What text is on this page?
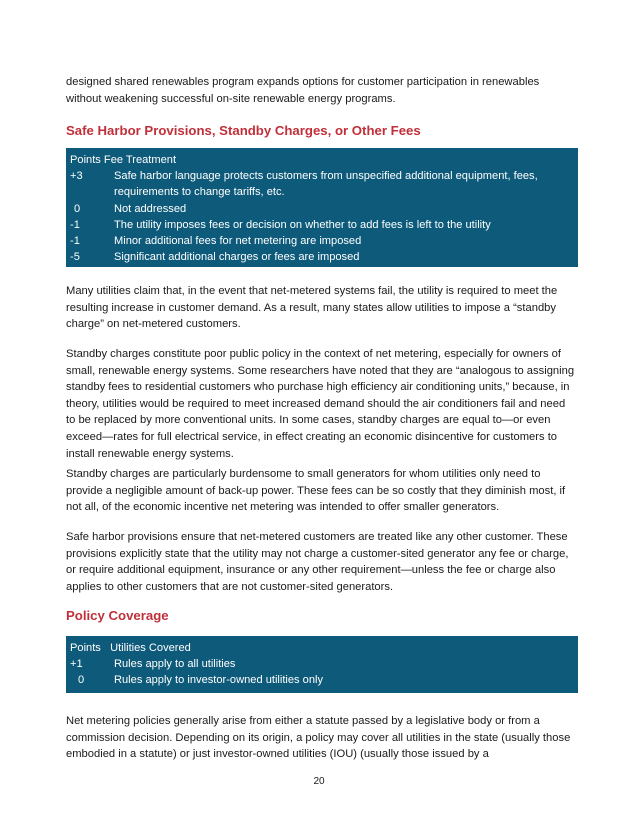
designed shared renewables program expands options for customer participation in renewables without weakening successful on-site renewable energy programs.

Safe Harbor Provisions, Standby Charges, or Other Fees

Points Fee Treatment
+3	Safe harbor language protects customers from unspecified additional equipment, fees, requirements to change tariffs, etc.
0	Not addressed
-1	The utility imposes fees or decision on whether to add fees is left to the utility
-1	Minor additional fees for net metering are imposed
-5	Significant additional charges or fees are imposed

Many utilities claim that, in the event that net-metered systems fail, the utility is required to meet the resulting increase in customer demand. As a result, many states allow utilities to impose a “standby charge” on net-metered customers.

Standby charges constitute poor public policy in the context of net metering, especially for owners of small, renewable energy systems. Some researchers have noted that they are “analogous to assigning standby fees to residential customers who purchase high efficiency air conditioning units,” because, in theory, utilities would be required to meet increased demand should the air conditioners fail and need to be replaced by more conventional units. In some cases, standby charges are equal to—or even exceed—rates for full electrical service, in effect creating an economic disincentive for customers to install renewable energy systems.

Standby charges are particularly burdensome to small generators for whom utilities only need to provide a negligible amount of back-up power. These fees can be so costly that they diminish most, if not all, of the economic incentive net metering was intended to offer smaller generators.

Safe harbor provisions ensure that net-metered customers are treated like any other customer. These provisions explicitly state that the utility may not charge a customer-sited generator any fee or charge, or require additional equipment, insurance or any other requirement—unless the fee or charge also applies to other customers that are not customer-sited generators.

Policy Coverage

Points   Utilities Covered
+1	Rules apply to all utilities
0	Rules apply to investor-owned utilities only

Net metering policies generally arise from either a statute passed by a legislative body or from a commission decision. Depending on its origin, a policy may cover all utilities in the state (usually those embodied in a statute) or just investor-owned utilities (IOU) (usually those issued by a

20
